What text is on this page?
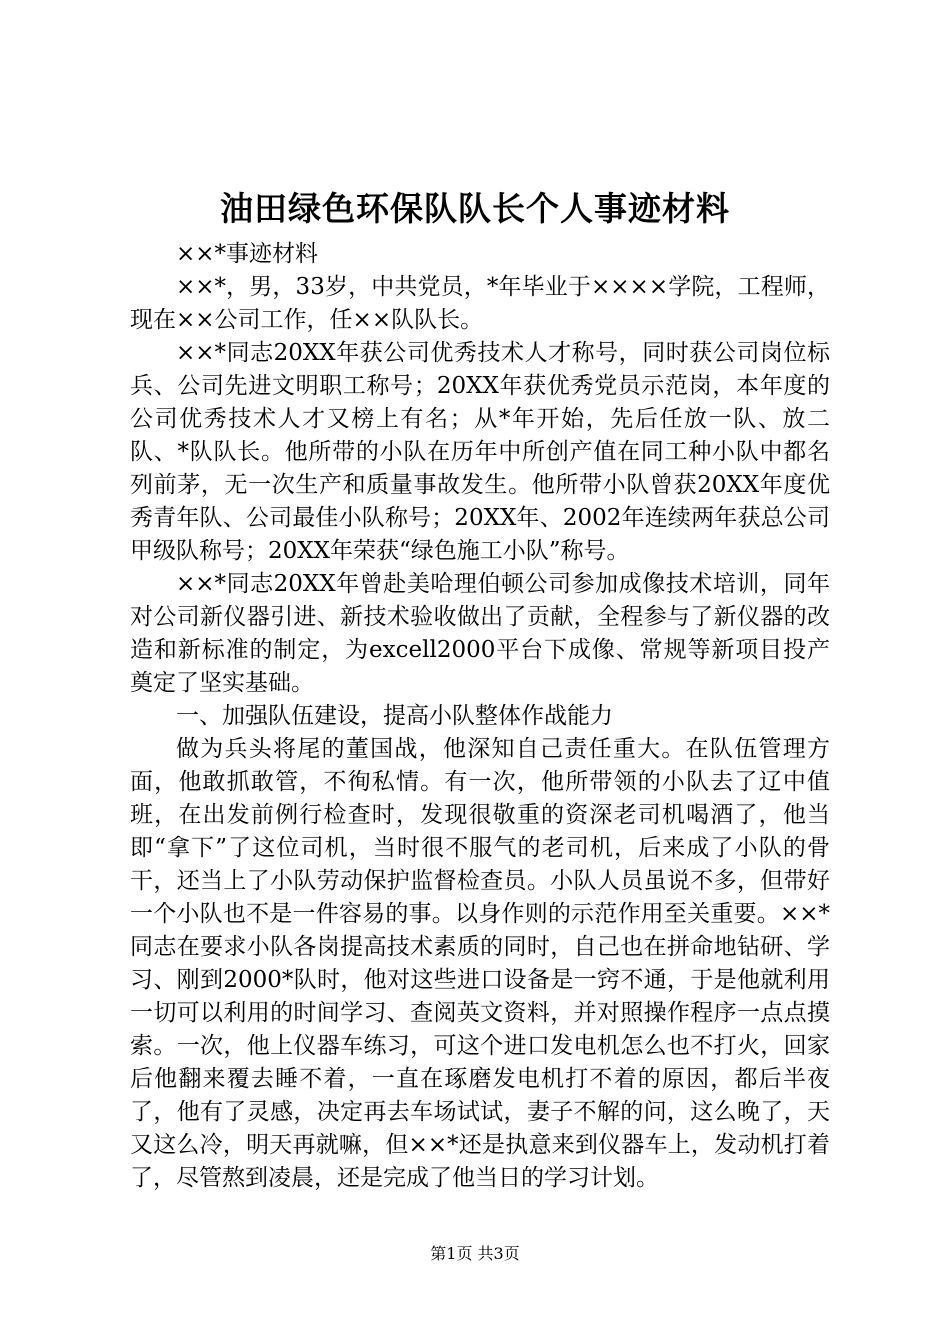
油田绿色环保队队长个人事迹材料

××*事迹材料

××*，男，33岁，中共党员，*年毕业于××××学院，工程师，现在××公司工作，任××队队长。

××*同志20XX年获公司优秀技术人才称号，同时获公司岗位标兵、公司先进文明职工称号；20XX年获优秀党员示范岗，本年度的公司优秀技术人才又榜上有名；从*年开始，先后任放一队、放二队、*队队长。他所带的小队在历年中所创产值在同工种小队中都名列前茅，无一次生产和质量事故发生。他所带小队曾获20XX年度优秀青年队、公司最佳小队称号；20XX年、2002年连续两年获总公司甲级队称号；20XX年荣获“绿色施工小队”称号。

××*同志20XX年曾赴美哈理伯顿公司参加成像技术培训，同年对公司新仪器引进、新技术验收做出了贡献，全程参与了新仪器的改造和新标准的制定，为excell2000平台下成像、常规等新项目投产奠定了坚实基础。

一、加强队伍建设，提高小队整体作战能力

做为兵头将尾的董国战，他深知自己责任重大。在队伍管理方面，他敢抓敢管，不徇私情。有一次，他所带领的小队去了辽中值班，在出发前例行检查时，发现很敬重的资深老司机喝酒了，他当即“拿下”了这位司机，当时很不服气的老司机，后来成了小队的骨干，还当上了小队劳动保护监督检查员。小队人员虽说不多，但带好一个小队也不是一件容易的事。以身作则的示范作用至关重要。××*同志在要求小队各岗提高技术素质的同时，自己也在拼命地钻研、学习、刚到2000*队时，他对这些进口设备是一窍不通，于是他就利用一切可以利用的时间学习、查阅英文资料，并对照操作程序一点点摸索。一次，他上仪器车练习，可这个进口发电机怎么也不打火，回家后他翻来覆去睡不着，一直在琢磨发电机打不着的原因，都后半夜了，他有了灵感，决定再去车场试试，妻子不解的问，这么晚了，天又这么冷，明天再就嘛，但××*还是执意来到仪器车上，发动机打着了，尽管熬到凌晨，还是完成了他当日的学习计划。

第1页 共3页
